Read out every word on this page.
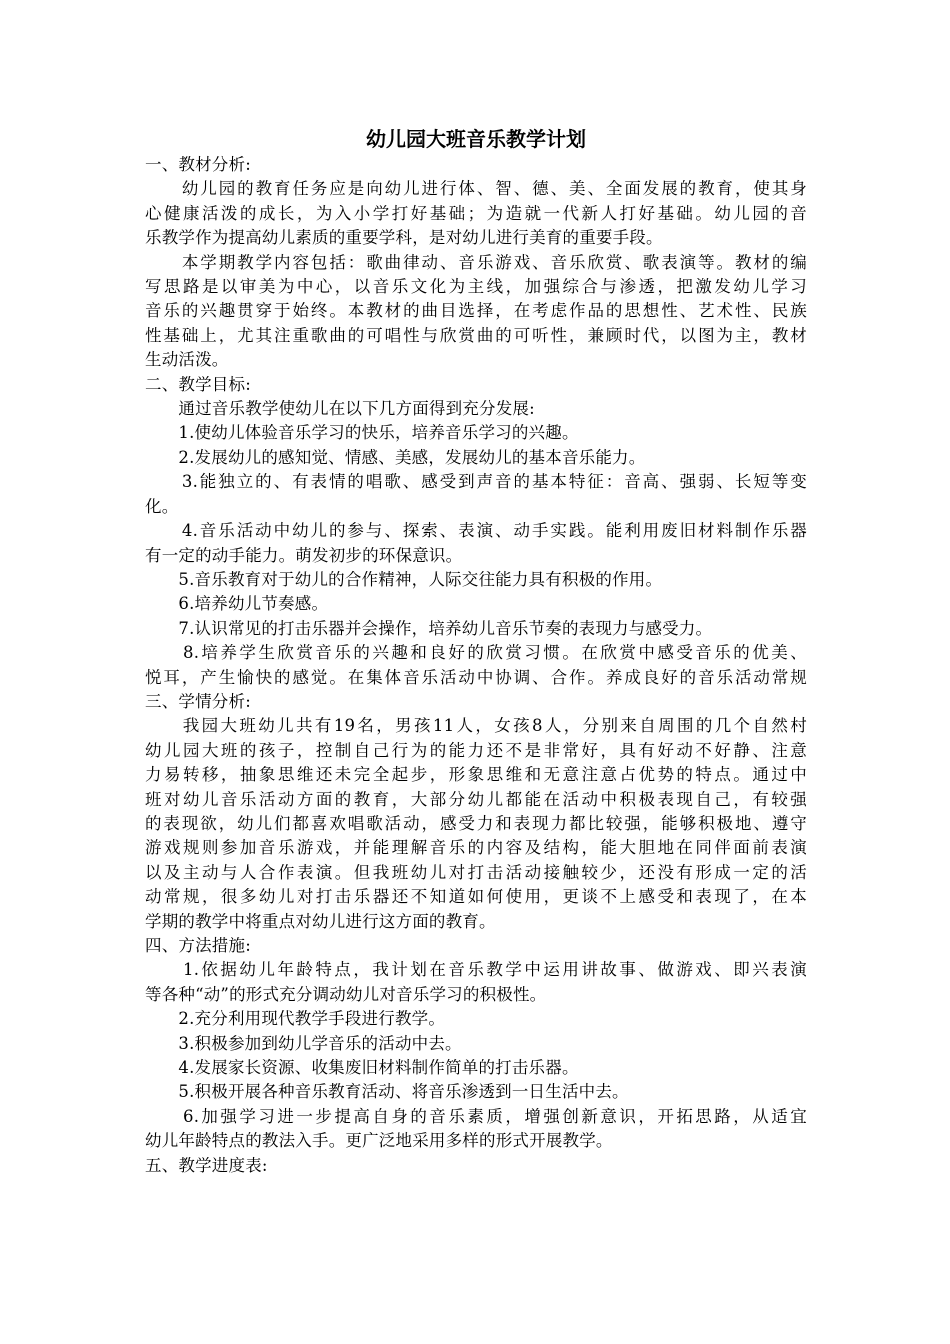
幼儿园大班音乐教学计划
一、教材分析:
　　幼儿园的教育任务应是向幼儿进行体、智、德、美、全面发展的教育，使其身
心健康活泼的成长，为入小学打好基础；为造就一代新人打好基础。幼儿园的音
乐教学作为提高幼儿素质的重要学科，是对幼儿进行美育的重要手段。
　　本学期教学内容包括：歌曲律动、音乐游戏、音乐欣赏、歌表演等。教材的编
写思路是以审美为中心，以音乐文化为主线，加强综合与渗透，把激发幼儿学习
音乐的兴趣贯穿于始终。本教材的曲目选择，在考虑作品的思想性、艺术性、民族
性基础上，尤其注重歌曲的可唱性与欣赏曲的可听性，兼顾时代，以图为主，教材
生动活泼。
二、教学目标:
　　通过音乐教学使幼儿在以下几方面得到充分发展:
　　1.使幼儿体验音乐学习的快乐，培养音乐学习的兴趣。
　　2.发展幼儿的感知觉、情感、美感，发展幼儿的基本音乐能力。
　　3.能独立的、有表情的唱歌、感受到声音的基本特征：音高、强弱、长短等变
化。
　　4.音乐活动中幼儿的参与、探索、表演、动手实践。能利用废旧材料制作乐器
有一定的动手能力。萌发初步的环保意识。
　　5.音乐教育对于幼儿的合作精神，人际交往能力具有积极的作用。
　　6.培养幼儿节奏感。
　　7.认识常见的打击乐器并会操作，培养幼儿音乐节奏的表现力与感受力。
　　8.培养学生欣赏音乐的兴趣和良好的欣赏习惯。在欣赏中感受音乐的优美、
悦耳，产生愉快的感觉。在集体音乐活动中协调、合作。养成良好的音乐活动常规
三、学情分析:
　　我园大班幼儿共有19名，男孩11人，女孩8人，分别来自周围的几个自然村
幼儿园大班的孩子，控制自己行为的能力还不是非常好，具有好动不好静、注意
力易转移，抽象思维还未完全起步，形象思维和无意注意占优势的特点。通过中
班对幼儿音乐活动方面的教育，大部分幼儿都能在活动中积极表现自己，有较强
的表现欲，幼儿们都喜欢唱歌活动，感受力和表现力都比较强，能够积极地、遵守
游戏规则参加音乐游戏，并能理解音乐的内容及结构，能大胆地在同伴面前表演
以及主动与人合作表演。但我班幼儿对打击活动接触较少，还没有形成一定的活
动常规，很多幼儿对打击乐器还不知道如何使用，更谈不上感受和表现了，在本
学期的教学中将重点对幼儿进行这方面的教育。
四、方法措施:
　　1.依据幼儿年龄特点，我计划在音乐教学中运用讲故事、做游戏、即兴表演
等各种“动”的形式充分调动幼儿对音乐学习的积极性。
　　2.充分利用现代教学手段进行教学。
　　3.积极参加到幼儿学音乐的活动中去。
　　4.发展家长资源、收集废旧材料制作简单的打击乐器。
　　5.积极开展各种音乐教育活动、将音乐渗透到一日生活中去。
　　6.加强学习进一步提高自身的音乐素质，增强创新意识，开拓思路，从适宜
幼儿年龄特点的教法入手。更广泛地采用多样的形式开展教学。
五、教学进度表:
